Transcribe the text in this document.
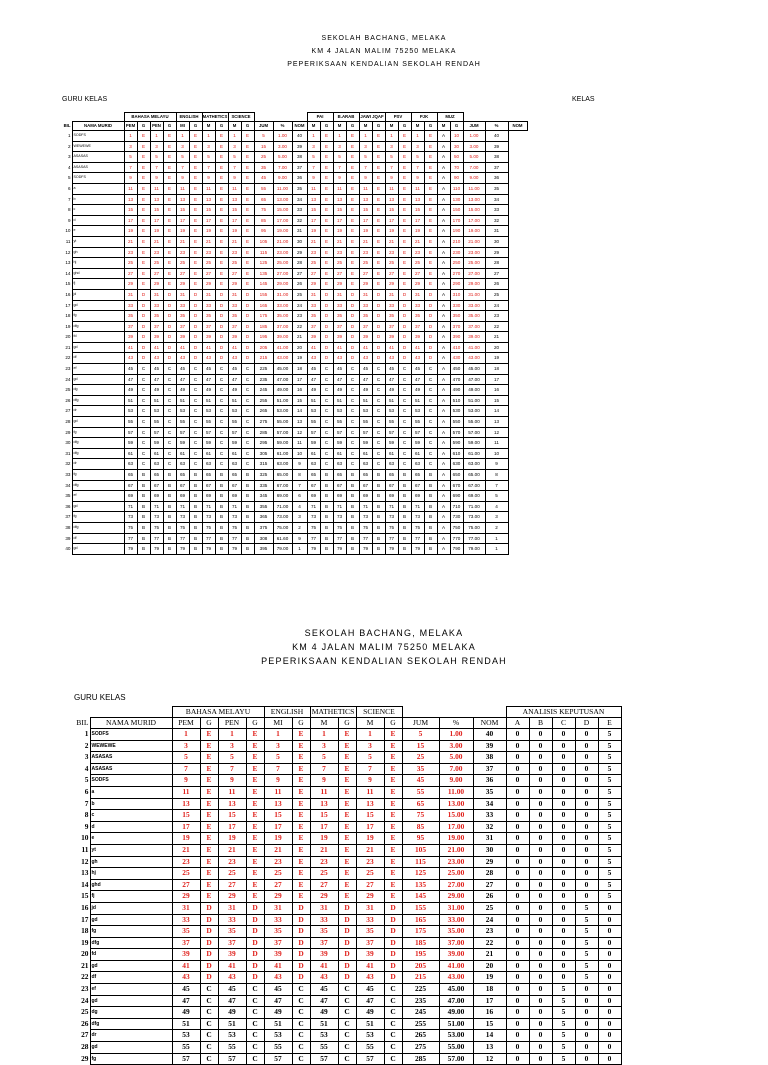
SEKOLAH BACHANG, MELAKA
KM 4 JALAN MALIM 75250 MELAKA
PEPERIKSAAN KENDALIAN SEKOLAH RENDAH
GURU KELAS	KELAS
		BAHASA MELAYU				ENGLISH		MATHETICS		SCIENCE					PAI		B.ARAB		JAWI JQAF		PSV		PJK		MUZ				
BIL	NAMA MURID	PEM	G	PEN	G	MI	G	M	G	M	G	JUM	%	NOM	M	G	M	G	M	G	M	G	M	G	M	G	JUM	%	NOM
1	SODFS	1	E	1	E	1	E	1	E	1	E	5	1.00	40	1	E	1	E	1	E	1	E	1	E	A	10	1.00	40	
2	WEWEWE	3	E	3	E	3	E	3	E	3	E	15	3.00	39	3	E	3	E	3	E	3	E	3	E	A	30	3.00	39	
3	ASASAS	5	E	5	E	5	E	5	E	5	E	25	5.00	38	5	E	5	E	5	E	5	E	5	E	A	50	5.00	38	
4	ASASAS	7	E	7	E	7	E	7	E	7	E	35	7.00	37	7	E	7	E	7	E	7	E	7	E	A	70	7.00	37	
5	SODFS	9	E	9	E	9	E	9	E	9	E	45	9.00	36	9	E	9	E	9	E	9	E	9	E	A	90	9.00	36	
6	a	11	E	11	E	11	E	11	E	11	E	55	11.00	35	11	E	11	E	11	E	11	E	11	E	A	110	11.00	35	
7	b	13	E	13	E	13	E	13	E	13	E	65	13.00	34	13	E	13	E	13	E	13	E	13	E	A	130	13.00	34	
8	c	15	E	15	E	15	E	15	E	15	E	75	15.00	33	15	E	15	E	15	E	15	E	15	E	A	150	15.00	33	
9	d	17	E	17	E	17	E	17	E	17	E	85	17.00	32	17	E	17	E	17	E	17	E	17	E	A	170	17.00	32	
10	e	19	E	19	E	19	E	19	E	19	E	95	19.00	31	19	E	19	E	19	E	19	E	19	E	A	190	19.00	31	
11	yt	21	E	21	E	21	E	21	E	21	E	105	21.00	30	21	E	21	E	21	E	21	E	21	E	A	210	21.00	30	
12	gh	23	E	23	E	23	E	23	E	23	E	115	23.00	29	23	E	23	E	23	E	23	E	23	E	A	230	23.00	29	
13	hj	25	E	25	E	25	E	25	E	25	E	125	25.00	28	25	E	25	E	25	E	25	E	25	E	A	250	25.00	28	
14	ghd	27	E	27	E	27	E	27	E	27	E	135	27.00	27	27	E	27	E	27	E	27	E	27	E	A	270	27.00	27	
15	fj	29	E	29	E	29	E	29	E	29	E	145	29.00	26	29	E	29	E	29	E	29	E	29	E	A	290	29.00	26	
16	jd	31	D	31	D	31	D	31	D	31	D	155	31.00	25	31	D	31	D	31	D	31	D	31	D	A	310	31.00	25	
17	gd	33	D	33	D	33	D	33	D	33	D	165	33.00	24	33	D	33	D	33	D	33	D	33	D	A	330	33.00	24	
18	fg	35	D	35	D	35	D	35	D	35	D	175	35.00	23	35	D	35	D	35	D	35	D	35	D	A	350	35.00	23	
19	dfg	37	D	37	D	37	D	37	D	37	D	185	37.00	22	37	D	37	D	37	D	37	D	37	D	A	370	37.00	22	
20	fd	39	D	39	D	39	D	39	D	39	D	195	39.00	21	39	D	39	D	39	D	39	D	39	D	A	390	39.00	21	
21	gd	41	D	41	D	41	D	41	D	41	D	205	41.00	20	41	D	41	D	41	D	41	D	41	D	A	410	41.00	20	
22	df	43	D	43	D	43	D	43	D	43	D	215	43.00	19	43	D	43	D	43	D	43	D	43	D	A	430	43.00	19	
23	ef	45	C	45	C	45	C	45	C	45	C	225	45.00	18	45	C	45	C	45	C	45	C	45	C	A	450	45.00	18	
24	gd	47	C	47	C	47	C	47	C	47	C	235	47.00	17	47	C	47	C	47	C	47	C	47	C	A	470	47.00	17	
25	dg	49	C	49	C	49	C	49	C	49	C	245	49.00	16	49	C	49	C	49	C	49	C	49	C	A	490	49.00	16	
26	dfg	51	C	51	C	51	C	51	C	51	C	255	51.00	15	51	C	51	C	51	C	51	C	51	C	A	510	51.00	15	
27	dr	53	C	53	C	53	C	53	C	53	C	265	53.00	14	53	C	53	C	53	C	53	C	53	C	A	530	53.00	14	
28	gd	55	C	55	C	55	C	55	C	55	C	275	55.00	13	55	C	55	C	55	C	55	C	55	C	A	550	55.00	13	
29	fg	57	C	57	C	57	C	57	C	57	C	285	57.00	12	57	C	57	C	57	C	57	C	57	C	A	570	57.00	12	
30	dfg	59	C	59	C	59	C	59	C	59	C	295	59.00	11	59	C	59	C	59	C	59	C	59	C	A	590	59.00	11	
31	dfg	61	C	61	C	61	C	61	C	61	C	305	61.00	10	61	C	61	C	61	C	61	C	61	C	A	610	61.00	10	
32	dr	63	C	63	C	63	C	63	C	63	C	315	63.00	9	63	C	63	C	63	C	63	C	63	C	A	630	63.00	9	
33	fg	65	B	65	B	65	B	65	B	65	B	325	65.00	8	65	B	65	B	65	B	65	B	65	B	A	650	65.00	8	
34	dfg	67	B	67	B	67	B	67	B	67	B	335	67.00	7	67	B	67	B	67	B	67	B	67	B	A	670	67.00	7	
35	ef	69	B	69	B	69	B	69	B	69	B	345	69.00	6	69	B	69	B	69	B	69	B	69	B	A	690	69.00	5	
36	gd	71	B	71	B	71	B	71	B	71	B	355	71.00	4	71	B	71	B	71	B	71	B	71	B	A	710	71.00	4	
37	fg	73	B	73	B	73	B	73	B	73	B	365	73.00	3	73	B	73	B	73	B	73	B	73	B	A	730	73.00	3	
38	dfg	75	B	75	B	75	B	75	B	75	B	375	75.00	2	75	B	75	B	75	B	75	B	75	B	A	750	75.00	2	
39	df	77	B	77	B	77	B	77	B	77	B	308	61.60	9	77	B	77	B	77	B	77	B	77	B	A	770	77.00	1	
40	gd	79	B	79	B	79	B	79	B	79	B	395	79.00	1	79	B	79	B	79	B	79	B	79	B	A	790	79.00	1	
SEKOLAH BACHANG, MELAKA
KM 4 JALAN MALIM 75250 MELAKA
PEPERIKSAAN KENDALIAN SEKOLAH RENDAH
GURU KELAS
		BAHASA MELAYU				ENGLISH		MATHETICS		SCIENCE					ANALISIS KEPUTUSAN				
BIL	NAMA MURID	PEM	G	PEN	G	MI	G	M	G	M	G	JUM	%	NOM	A	B	C	D	E
1	SODFS	1	E	1	E	1	E	1	E	1	E	5	1.00	40	0	0	0	0	5
2	WEWEWE	3	E	3	E	3	E	3	E	3	E	15	3.00	39	0	0	0	0	5
3	ASASAS	5	E	5	E	5	E	5	E	5	E	25	5.00	38	0	0	0	0	5
4	ASASAS	7	E	7	E	7	E	7	E	7	E	35	7.00	37	0	0	0	0	5
5	SODFS	9	E	9	E	9	E	9	E	9	E	45	9.00	36	0	0	0	0	5
6	a	11	E	11	E	11	E	11	E	11	E	55	11.00	35	0	0	0	0	5
7	b	13	E	13	E	13	E	13	E	13	E	65	13.00	34	0	0	0	0	5
8	c	15	E	15	E	15	E	15	E	15	E	75	15.00	33	0	0	0	0	5
9	d	17	E	17	E	17	E	17	E	17	E	85	17.00	32	0	0	0	0	5
10	e	19	E	19	E	19	E	19	E	19	E	95	19.00	31	0	0	0	0	5
11	yt	21	E	21	E	21	E	21	E	21	E	105	21.00	30	0	0	0	0	5
12	gh	23	E	23	E	23	E	23	E	23	E	115	23.00	29	0	0	0	0	5
13	hj	25	E	25	E	25	E	25	E	25	E	125	25.00	28	0	0	0	0	5
14	ghd	27	E	27	E	27	E	27	E	27	E	135	27.00	27	0	0	0	0	5
15	fj	29	E	29	E	29	E	29	E	29	E	145	29.00	26	0	0	0	0	5
16	jd	31	D	31	D	31	D	31	D	31	D	155	31.00	25	0	0	0	5	0
17	gd	33	D	33	D	33	D	33	D	33	D	165	33.00	24	0	0	0	5	0
18	fg	35	D	35	D	35	D	35	D	35	D	175	35.00	23	0	0	0	5	0
19	dfg	37	D	37	D	37	D	37	D	37	D	185	37.00	22	0	0	0	5	0
20	fd	39	D	39	D	39	D	39	D	39	D	195	39.00	21	0	0	0	5	0
21	gd	41	D	41	D	41	D	41	D	41	D	205	41.00	20	0	0	0	5	0
22	df	43	D	43	D	43	D	43	D	43	D	215	43.00	19	0	0	0	5	0
23	ef	45	C	45	C	45	C	45	C	45	C	225	45.00	18	0	0	5	0	0
24	gd	47	C	47	C	47	C	47	C	47	C	235	47.00	17	0	0	5	0	0
25	dg	49	C	49	C	49	C	49	C	49	C	245	49.00	16	0	0	5	0	0
26	dfg	51	C	51	C	51	C	51	C	51	C	255	51.00	15	0	0	5	0	0
27	dr	53	C	53	C	53	C	53	C	53	C	265	53.00	14	0	0	5	0	0
28	gd	55	C	55	C	55	C	55	C	55	C	275	55.00	13	0	0	5	0	0
29	fg	57	C	57	C	57	C	57	C	57	C	285	57.00	12	0	0	5	0	0
